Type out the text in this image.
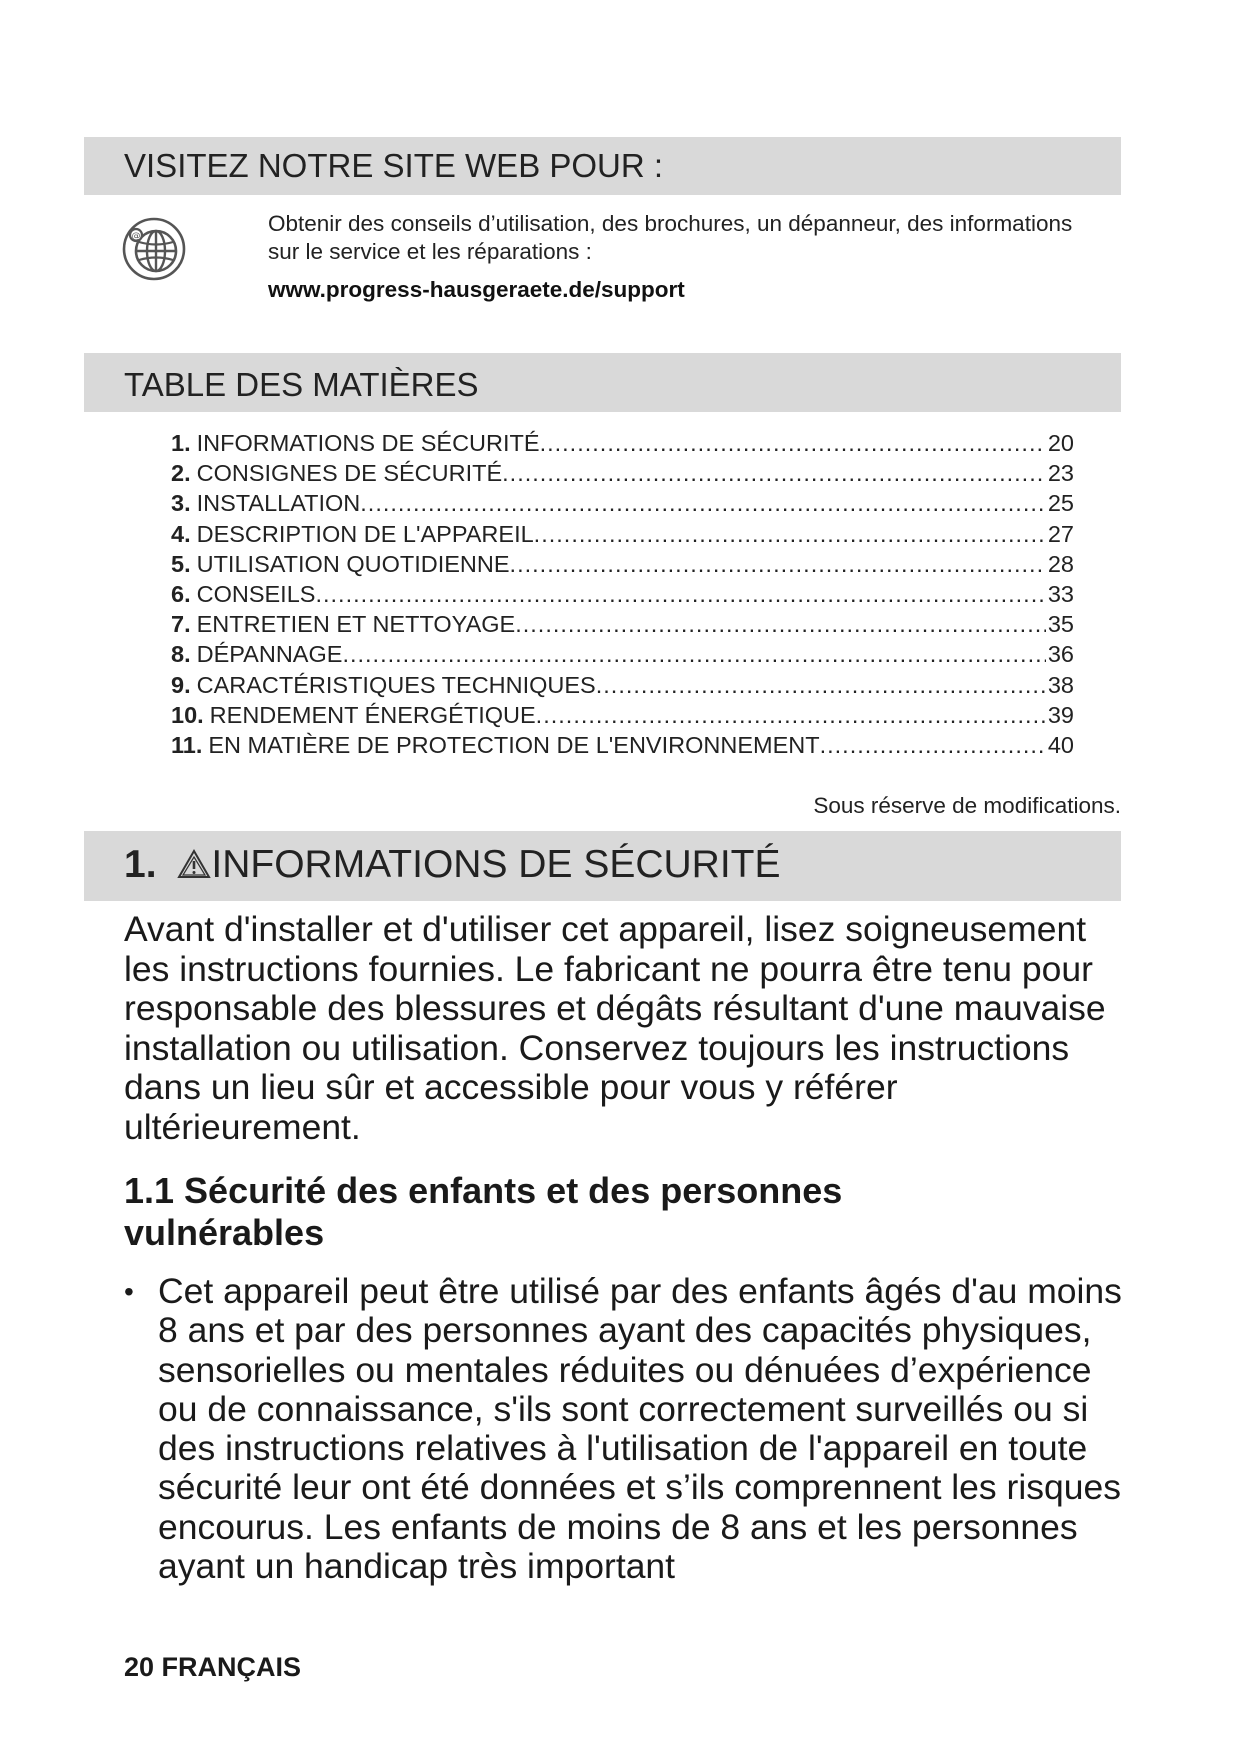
VISITEZ NOTRE SITE WEB POUR :
@
Obtenir des conseils d’utilisation, des brochures, un dépanneur, des informations
sur le service et les réparations :
www.progress-hausgeraete.de/support
TABLE DES MATIÈRES
1. INFORMATIONS DE SÉCURITÉ .....	20
2. CONSIGNES DE SÉCURITÉ .....	23
3. INSTALLATION .....	25
4. DESCRIPTION DE L'APPAREIL .....	27
5. UTILISATION QUOTIDIENNE .....	28
6. CONSEILS .....	33
7. ENTRETIEN ET NETTOYAGE .....	35
8. DÉPANNAGE .....	36
9. CARACTÉRISTIQUES TECHNIQUES .....	38
10. RENDEMENT ÉNERGÉTIQUE .....	39
11. EN MATIÈRE DE PROTECTION DE L'ENVIRONNEMENT .....	40
Sous réserve de modifications.
1. INFORMATIONS DE SÉCURITÉ

Avant d'installer et d'utiliser cet appareil, lisez soigneusement les instructions fournies. Le fabricant ne pourra être tenu pour responsable des blessures et dégâts résultant d'une mauvaise installation ou utilisation. Conservez toujours les instructions dans un lieu sûr et accessible pour vous y référer ultérieurement.

1.1 Sécurité des enfants et des personnes vulnérables
• Cet appareil peut être utilisé par des enfants âgés d'au moins 8 ans et par des personnes ayant des capacités physiques, sensorielles ou mentales réduites ou dénuées d’expérience ou de connaissance, s'ils sont correctement surveillés ou si des instructions relatives à l'utilisation de l'appareil en toute sécurité leur ont été données et s’ils comprennent les risques encourus. Les enfants de moins de 8 ans et les personnes ayant un handicap très important
20 FRANÇAIS
